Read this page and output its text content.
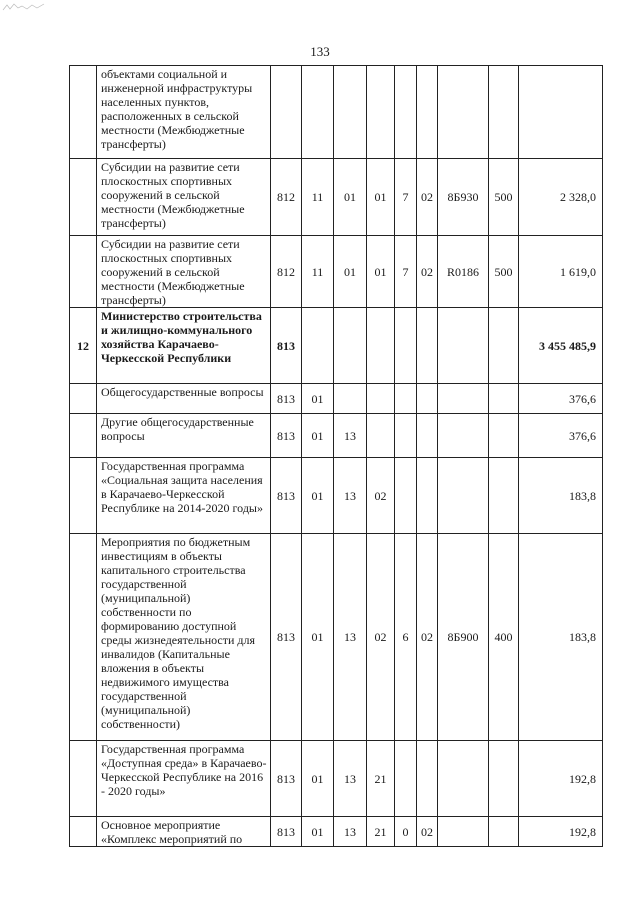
133
	объектами социальной и инженерной инфраструктуры населенных пунктов, расположенных в сельской местности (Межбюджетные трансферты)									
	Субсидии на развитие сети плоскостных спортивных сооружений в сельской местности (Межбюджетные трансферты)	812	11	01	01	7	02	8Б930	500	2 328,0
	Субсидии на развитие сети плоскостных спортивных сооружений в сельской местности (Межбюджетные трансферты)	812	11	01	01	7	02	R0186	500	1 619,0
12	Министерство строительства и жилищно-коммунального хозяйства Карачаево-Черкесской Республики	813								3 455 485,9
	Общегосударственные вопросы	813	01							376,6
	Другие общегосударственные вопросы	813	01	13						376,6
	Государственная программа «Социальная защита населения в Карачаево-Черкесской Республике на 2014-2020 годы»	813	01	13	02					183,8
	Мероприятия по бюджетным инвестициям в объекты капитального строительства государственной (муниципальной) собственности по формированию доступной среды жизнедеятельности для инвалидов (Капитальные вложения в объекты недвижимого имущества государственной (муниципальной) собственности)	813	01	13	02	6	02	8Б900	400	183,8
	Государственная программа «Доступная среда» в Карачаево-Черкесской Республике на 2016 - 2020 годы»	813	01	13	21					192,8
	Основное мероприятие «Комплекс мероприятий по	813	01	13	21	0	02			192,8
